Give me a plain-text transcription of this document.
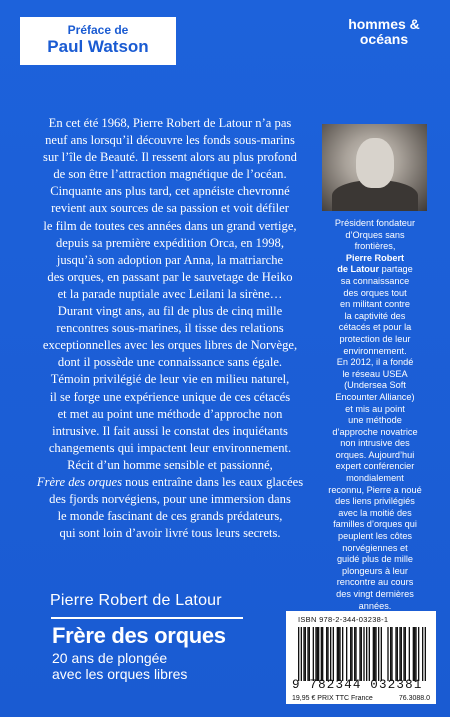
Préface de
Paul Watson
hommes &
océans
En cet été 1968, Pierre Robert de Latour n’a pas
neuf ans lorsqu’il découvre les fonds sous-marins
sur l’île de Beauté. Il ressent alors au plus profond
de son être l’attraction magnétique de l’océan.
Cinquante ans plus tard, cet apnéiste chevronné
revient aux sources de sa passion et voit défiler
le film de toutes ces années dans un grand vertige,
depuis sa première expédition Orca, en 1998,
jusqu’à son adoption par Anna, la matriarche
des orques, en passant par le sauvetage de Heiko
et la parade nuptiale avec Leilani la sirène…
Durant vingt ans, au fil de plus de cinq mille
rencontres sous-marines, il tisse des relations
exceptionnelles avec les orques libres de Norvège,
dont il possède une connaissance sans égale.
Témoin privilégié de leur vie en milieu naturel,
il se forge une expérience unique de ces cétacés
et met au point une méthode d’approche non
intrusive. Il fait aussi le constat des inquiétants
changements qui impactent leur environnement.
Récit d’un homme sensible et passionné,
Frère des orques nous entraîne dans les eaux glacées
des fjords norvégiens, pour une immersion dans
le monde fascinant de ces grands prédateurs,
qui sont loin d’avoir livré tous leurs secrets.
Président fondateur
d’Orques sans
frontières,
Pierre Robert
de Latour partage
sa connaissance
des orques tout
en militant contre
la captivité des
cétacés et pour la
protection de leur
environnement.
En 2012, il a fondé
le réseau USEA
(Undersea Soft
Encounter Alliance)
et mis au point
une méthode
d’approche novatrice
non intrusive des
orques. Aujourd’hui
expert conférencier
mondialement
reconnu, Pierre a noué
des liens privilégiés
avec la moitié des
familles d’orques qui
peuplent les côtes
norvégiennes et
guidé plus de mille
plongeurs à leur
rencontre au cours
des vingt dernières
années.
Pierre Robert de Latour
Frère des orques
20 ans de plongée
avec les orques libres
ISBN 978-2-344-03238-1
9 782344 032381
19,95 € PRIX TTC France	76.3088.0
